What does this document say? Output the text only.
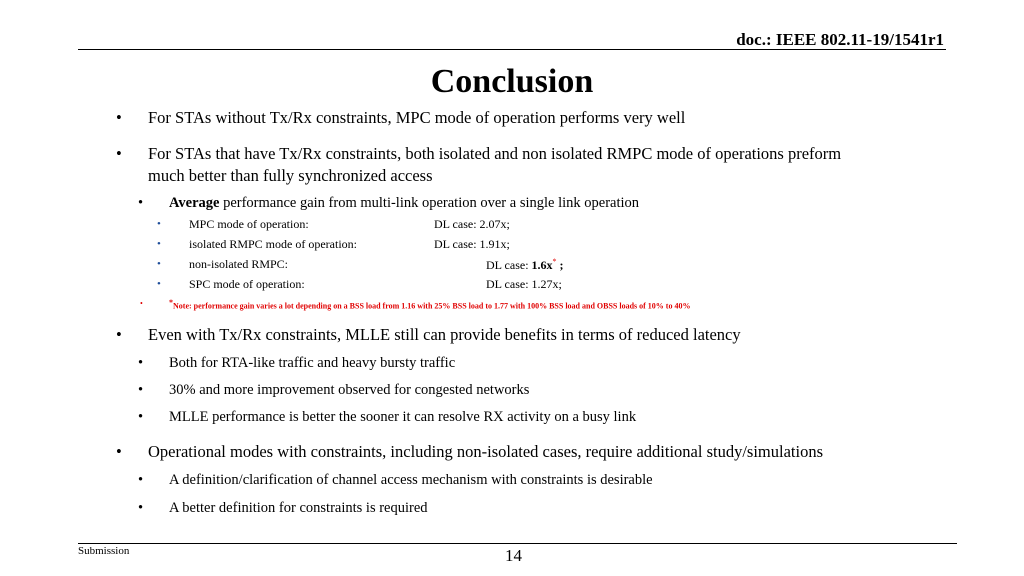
doc.: IEEE 802.11-19/1541r1
Conclusion
• For STAs without Tx/Rx constraints, MPC mode of operation performs very well
• For STAs that have Tx/Rx constraints, both isolated and non isolated RMPC mode of operations preform
much better than fully synchronized access
• Average performance gain from multi-link operation over a single link operation
• MPC mode of operation:	DL case: 2.07x;
• isolated RMPC mode of operation:	DL case: 1.91x;
• non-isolated RMPC:	DL case: 1.6x* ;
• SPC mode of operation:	DL case: 1.27x;
•	*Note: performance gain varies a lot depending on a BSS load from 1.16 with 25% BSS load to 1.77 with 100% BSS load and OBSS loads of 10% to 40%
• Even with Tx/Rx constraints, MLLE still can provide benefits in terms of reduced latency
• Both for RTA-like traffic and heavy bursty traffic
• 30% and more improvement observed for congested networks
• MLLE performance is better the sooner it can resolve RX activity on a busy link
• Operational modes with constraints, including non-isolated cases, require additional study/simulations
• A definition/clarification of channel access mechanism with constraints is desirable
• A better definition for constraints is required
Submission	14
